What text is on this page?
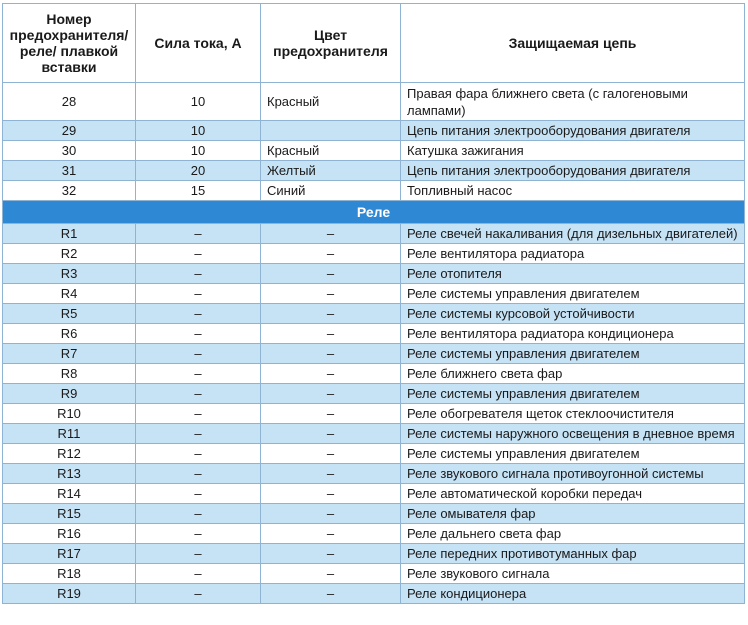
Номер предохранителя/ реле/ плавкой вставки	Сила тока, А	Цвет предохранителя	Защищаемая цепь
28	10	Красный	Правая фара ближнего света (с галогеновыми лампами)
29	10		Цепь питания электрооборудования двигателя
30	10	Красный	Катушка зажигания
31	20	Желтый	Цепь питания электрооборудования двигателя
32	15	Синий	Топливный насос
Реле			
R1	–	–	Реле свечей накаливания (для дизельных двигателей)
R2	–	–	Реле вентилятора радиатора
R3	–	–	Реле отопителя
R4	–	–	Реле системы управления двигателем
R5	–	–	Реле системы курсовой устойчивости
R6	–	–	Реле вентилятора радиатора кондиционера
R7	–	–	Реле системы управления двигателем
R8	–	–	Реле ближнего света фар
R9	–	–	Реле системы управления двигателем
R10	–	–	Реле обогревателя щеток стеклоочистителя
R11	–	–	Реле системы наружного освещения в дневное время
R12	–	–	Реле системы управления двигателем
R13	–	–	Реле звукового сигнала противоугонной системы
R14	–	–	Реле автоматической коробки передач
R15	–	–	Реле омывателя фар
R16	–	–	Реле дальнего света фар
R17	–	–	Реле передних противотуманных фар
R18	–	–	Реле звукового сигнала
R19	–	–	Реле кондиционера
